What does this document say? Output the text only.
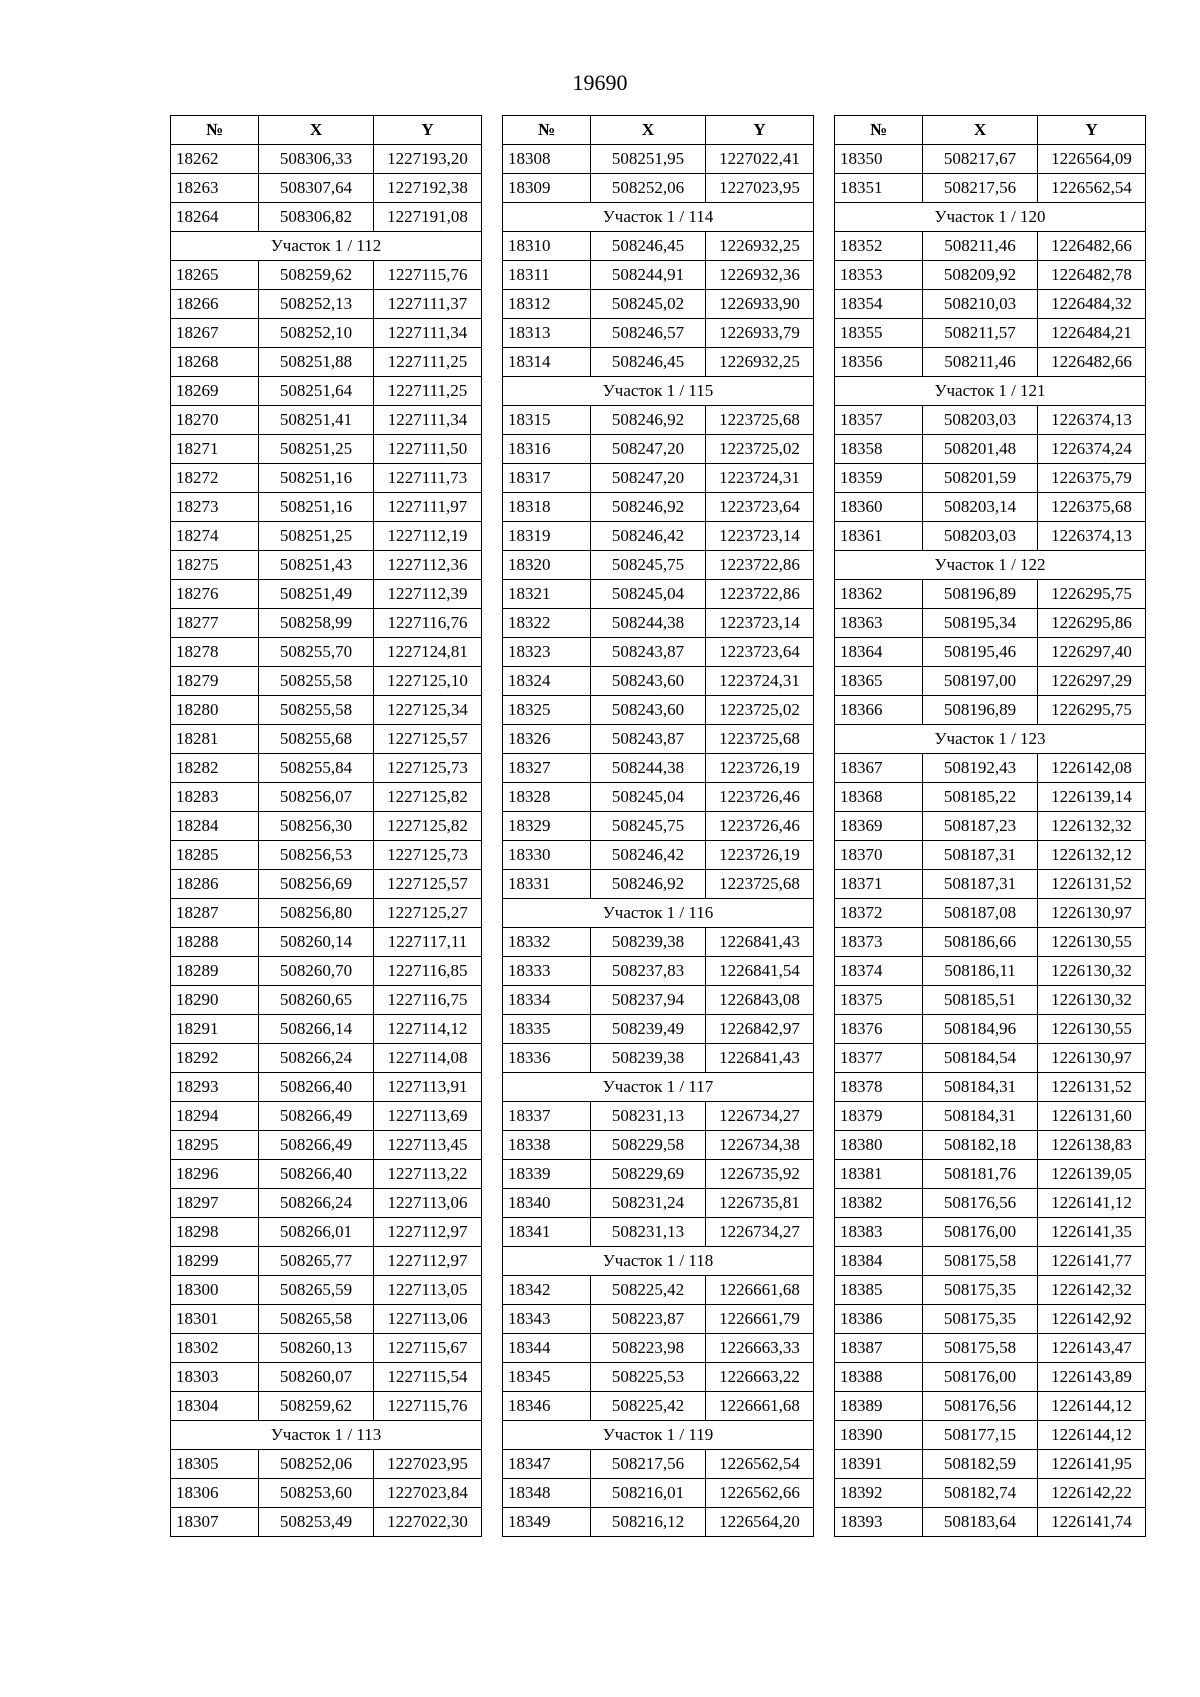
19690
№	X	Y
18262	508306,33	1227193,20
18263	508307,64	1227192,38
18264	508306,82	1227191,08
Участок 1 / 112		
18265	508259,62	1227115,76
18266	508252,13	1227111,37
18267	508252,10	1227111,34
18268	508251,88	1227111,25
18269	508251,64	1227111,25
18270	508251,41	1227111,34
18271	508251,25	1227111,50
18272	508251,16	1227111,73
18273	508251,16	1227111,97
18274	508251,25	1227112,19
18275	508251,43	1227112,36
18276	508251,49	1227112,39
18277	508258,99	1227116,76
18278	508255,70	1227124,81
18279	508255,58	1227125,10
18280	508255,58	1227125,34
18281	508255,68	1227125,57
18282	508255,84	1227125,73
18283	508256,07	1227125,82
18284	508256,30	1227125,82
18285	508256,53	1227125,73
18286	508256,69	1227125,57
18287	508256,80	1227125,27
18288	508260,14	1227117,11
18289	508260,70	1227116,85
18290	508260,65	1227116,75
18291	508266,14	1227114,12
18292	508266,24	1227114,08
18293	508266,40	1227113,91
18294	508266,49	1227113,69
18295	508266,49	1227113,45
18296	508266,40	1227113,22
18297	508266,24	1227113,06
18298	508266,01	1227112,97
18299	508265,77	1227112,97
18300	508265,59	1227113,05
18301	508265,58	1227113,06
18302	508260,13	1227115,67
18303	508260,07	1227115,54
18304	508259,62	1227115,76
Участок 1 / 113		
18305	508252,06	1227023,95
18306	508253,60	1227023,84
18307	508253,49	1227022,30
№	X	Y
18308	508251,95	1227022,41
18309	508252,06	1227023,95
Участок 1 / 114		
18310	508246,45	1226932,25
18311	508244,91	1226932,36
18312	508245,02	1226933,90
18313	508246,57	1226933,79
18314	508246,45	1226932,25
Участок 1 / 115		
18315	508246,92	1223725,68
18316	508247,20	1223725,02
18317	508247,20	1223724,31
18318	508246,92	1223723,64
18319	508246,42	1223723,14
18320	508245,75	1223722,86
18321	508245,04	1223722,86
18322	508244,38	1223723,14
18323	508243,87	1223723,64
18324	508243,60	1223724,31
18325	508243,60	1223725,02
18326	508243,87	1223725,68
18327	508244,38	1223726,19
18328	508245,04	1223726,46
18329	508245,75	1223726,46
18330	508246,42	1223726,19
18331	508246,92	1223725,68
Участок 1 / 116		
18332	508239,38	1226841,43
18333	508237,83	1226841,54
18334	508237,94	1226843,08
18335	508239,49	1226842,97
18336	508239,38	1226841,43
Участок 1 / 117		
18337	508231,13	1226734,27
18338	508229,58	1226734,38
18339	508229,69	1226735,92
18340	508231,24	1226735,81
18341	508231,13	1226734,27
Участок 1 / 118		
18342	508225,42	1226661,68
18343	508223,87	1226661,79
18344	508223,98	1226663,33
18345	508225,53	1226663,22
18346	508225,42	1226661,68
Участок 1 / 119		
18347	508217,56	1226562,54
18348	508216,01	1226562,66
18349	508216,12	1226564,20
№	X	Y
18350	508217,67	1226564,09
18351	508217,56	1226562,54
Участок 1 / 120		
18352	508211,46	1226482,66
18353	508209,92	1226482,78
18354	508210,03	1226484,32
18355	508211,57	1226484,21
18356	508211,46	1226482,66
Участок 1 / 121		
18357	508203,03	1226374,13
18358	508201,48	1226374,24
18359	508201,59	1226375,79
18360	508203,14	1226375,68
18361	508203,03	1226374,13
Участок 1 / 122		
18362	508196,89	1226295,75
18363	508195,34	1226295,86
18364	508195,46	1226297,40
18365	508197,00	1226297,29
18366	508196,89	1226295,75
Участок 1 / 123		
18367	508192,43	1226142,08
18368	508185,22	1226139,14
18369	508187,23	1226132,32
18370	508187,31	1226132,12
18371	508187,31	1226131,52
18372	508187,08	1226130,97
18373	508186,66	1226130,55
18374	508186,11	1226130,32
18375	508185,51	1226130,32
18376	508184,96	1226130,55
18377	508184,54	1226130,97
18378	508184,31	1226131,52
18379	508184,31	1226131,60
18380	508182,18	1226138,83
18381	508181,76	1226139,05
18382	508176,56	1226141,12
18383	508176,00	1226141,35
18384	508175,58	1226141,77
18385	508175,35	1226142,32
18386	508175,35	1226142,92
18387	508175,58	1226143,47
18388	508176,00	1226143,89
18389	508176,56	1226144,12
18390	508177,15	1226144,12
18391	508182,59	1226141,95
18392	508182,74	1226142,22
18393	508183,64	1226141,74
